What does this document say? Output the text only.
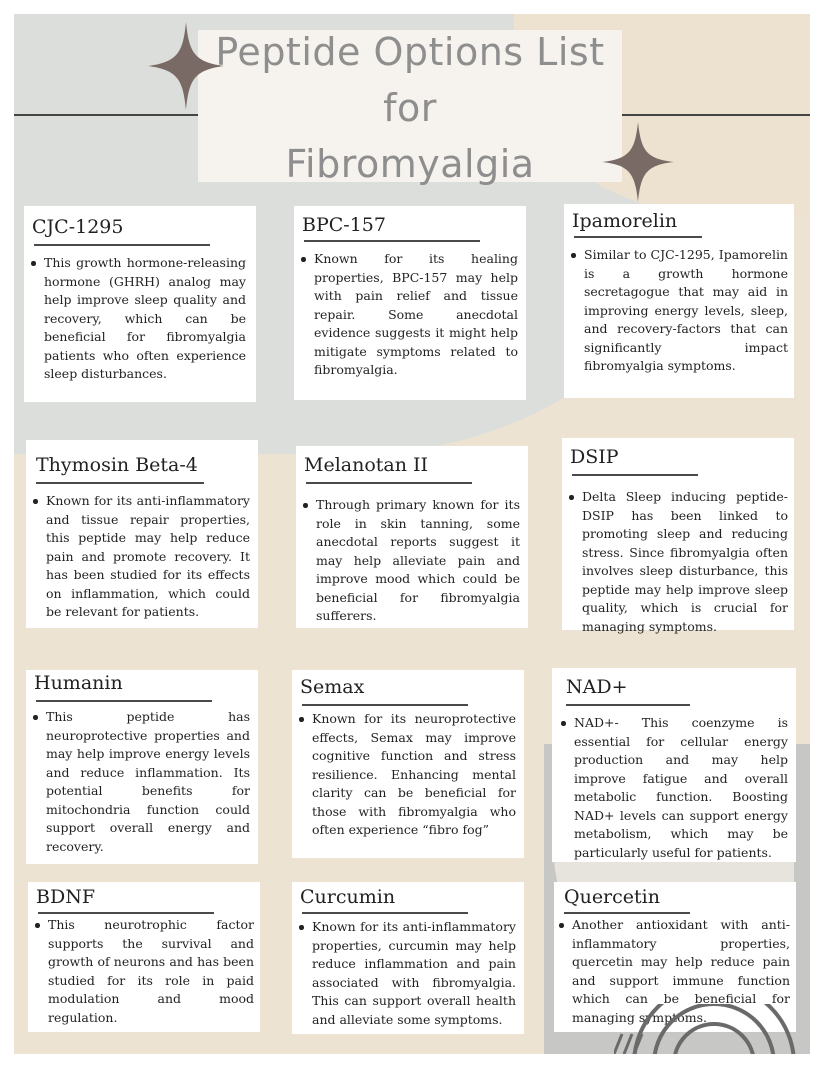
Peptide Options List
for
Fibromyalgia
CJC-1295
This growth hormone-releasing hormone (GHRH) analog may help improve sleep quality and recovery, which can be beneficial for fibromyalgia patients who often experience sleep disturbances.
BPC-157
Known for its healing properties, BPC-157 may help with pain relief and tissue repair. Some anecdotal evidence suggests it might help mitigate symptoms related to fibromyalgia.
Ipamorelin
Similar to CJC-1295, Ipamorelin is a growth hormone secretagogue that may aid in improving energy levels, sleep, and recovery-factors that can significantly impact fibromyalgia symptoms.
Thymosin Beta-4
Known for its anti-inflammatory and tissue repair properties, this peptide may help reduce pain and promote recovery. It has been studied for its effects on inflammation, which could be relevant for patients.
Melanotan II
Through primary known for its role in skin tanning, some anecdotal reports suggest it may help alleviate pain and improve mood which could be beneficial for fibromyalgia sufferers.
DSIP
Delta Sleep inducing peptide- DSIP has been linked to promoting sleep and reducing stress. Since fibromyalgia often involves sleep disturbance, this peptide may help improve sleep quality, which is crucial for managing symptoms.
Humanin
This peptide has neuroprotective properties and may help improve energy levels and reduce inflammation. Its potential benefits for mitochondria function could support overall energy and recovery.
Semax
Known for its neuroprotective effects, Semax may improve cognitive function and stress resilience. Enhancing mental clarity can be beneficial for those with fibromyalgia who often experience “fibro fog”
NAD+
NAD+- This coenzyme is essential for cellular energy production and may help improve fatigue and overall metabolic function. Boosting NAD+ levels can support energy metabolism, which may be particularly useful for patients.
BDNF
This neurotrophic factor supports the survival and growth of neurons and has been studied for its role in paid modulation and mood regulation.
Curcumin
Known for its anti-inflammatory properties, curcumin may help reduce inflammation and pain associated with fibromyalgia. This can support overall health and alleviate some symptoms.
Quercetin
Another antioxidant with anti-inflammatory properties, quercetin may help reduce pain and support immune function which can be beneficial for managing symptoms.
